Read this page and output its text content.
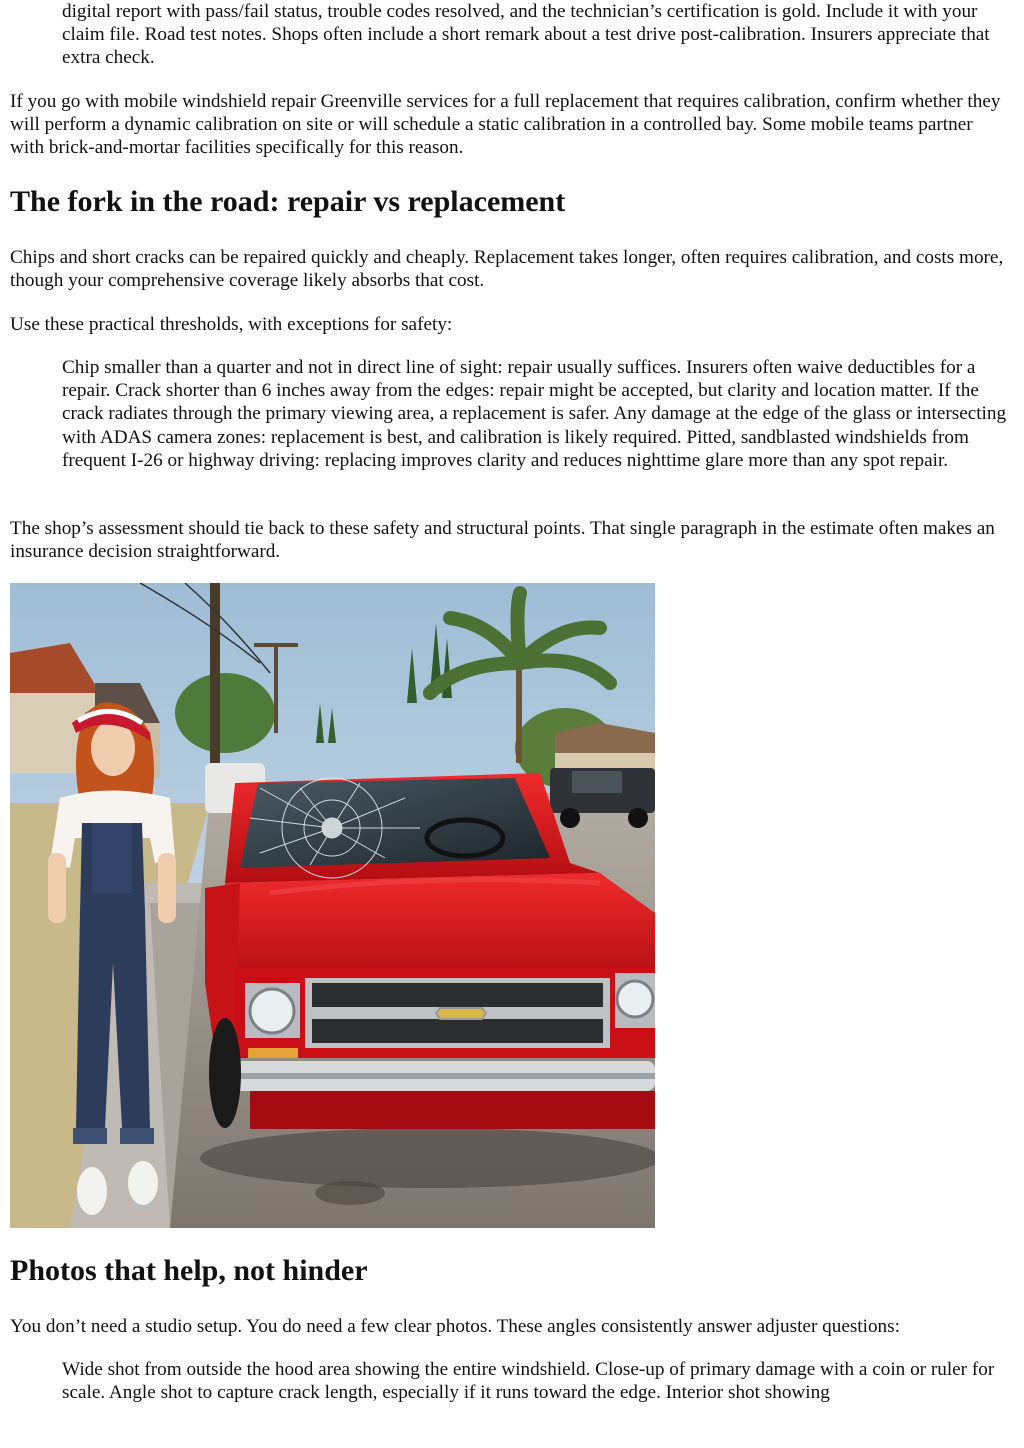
digital report with pass/fail status, trouble codes resolved, and the technician’s certification is gold. Include it with your claim file. Road test notes. Shops often include a short remark about a test drive post-calibration. Insurers appreciate that extra check.

If you go with mobile windshield repair Greenville services for a full replacement that requires calibration, confirm whether they will perform a dynamic calibration on site or will schedule a static calibration in a controlled bay. Some mobile teams partner with brick-and-mortar facilities specifically for this reason.

The fork in the road: repair vs replacement

Chips and short cracks can be repaired quickly and cheaply. Replacement takes longer, often requires calibration, and costs more, though your comprehensive coverage likely absorbs that cost.

Use these practical thresholds, with exceptions for safety:

Chip smaller than a quarter and not in direct line of sight: repair usually suffices. Insurers often waive deductibles for a repair. Crack shorter than 6 inches away from the edges: repair might be accepted, but clarity and location matter. If the crack radiates through the primary viewing area, a replacement is safer. Any damage at the edge of the glass or intersecting with ADAS camera zones: replacement is best, and calibration is likely required. Pitted, sandblasted windshields from frequent I-26 or highway driving: replacing improves clarity and reduces nighttime glare more than any spot repair.

The shop’s assessment should tie back to these safety and structural points. That single paragraph in the estimate often makes an insurance decision straightforward.

Photos that help, not hinder

You don’t need a studio setup. You do need a few clear photos. These angles consistently answer adjuster questions:

Wide shot from outside the hood area showing the entire windshield. Close-up of primary damage with a coin or ruler for scale. Angle shot to capture crack length, especially if it runs toward the edge. Interior shot showing
